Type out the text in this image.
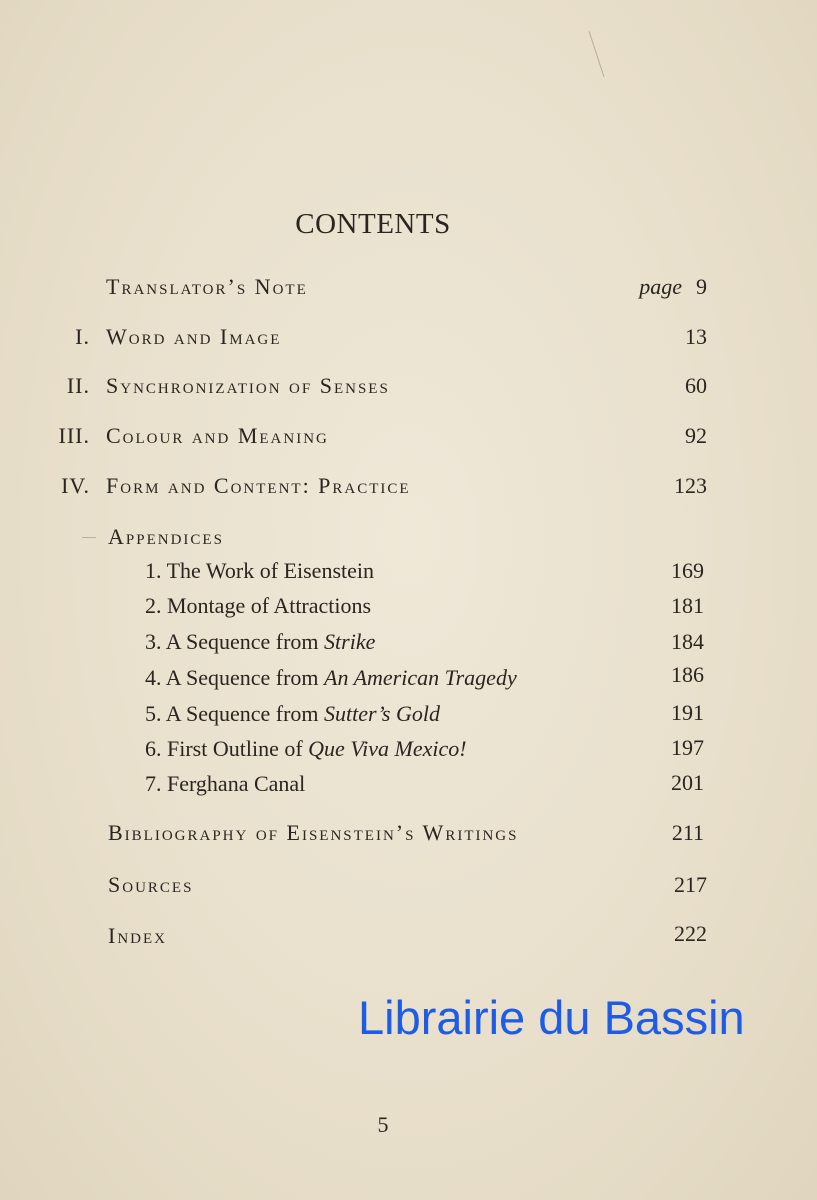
CONTENTS
Translator’s Note	page 9
I. Word and Image	13
II. Synchronization of Senses	60
III. Colour and Meaning	92
IV. Form and Content: Practice	123
Appendices
1. The Work of Eisenstein	169
2. Montage of Attractions	181
3. A Sequence from Strike	184
4. A Sequence from An American Tragedy	186
5. A Sequence from Sutter’s Gold	191
6. First Outline of Que Viva Mexico!	197
7. Ferghana Canal	201
Bibliography of Eisenstein’s Writings	211
Sources	217
Index	222
Librairie du Bassin
5
